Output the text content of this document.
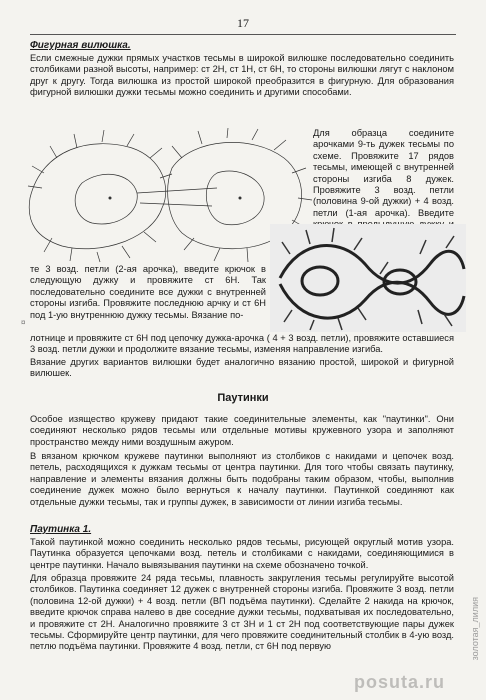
17
Фигурная вилюшка.

Если смежные дужки прямых участков тесьмы в широкой вилюшке последовательно соединить столбиками разной высоты, например: ст 2Н, ст 1Н, ст 6Н, то стороны вилюшки лягут с наклоном друг к другу. Тогда вилюшка из простой широкой преобразится в фигурную. Для образования фигурной вилюшки дужки тесьмы можно соединить и другими способами.

Для образца соедините арочками 9-ть дужек тесьмы по схеме. Провяжите 17 рядов тесьмы, имеющей с внутренней стороны изгиба 8 дужек. Провяжите 3 возд. петли (половина 9-ой дужки) + 4 возд. петли (1-ая арочка). Введите

те 3 возд. петли (2-ая арочка), введите крючок в следующую дужку и провяжите ст 6Н. Так последовательно соедините все дужки с внутренней стороны изгиба. Провяжите последнюю арчку и ст 6Н под 1-ую внутреннюю дужку тесьмы. Вязание по-

¤

лотнице и провяжите ст 6Н под цепочку дужка-арочка ( 4 + 3 возд. петли), провяжите оставшиеся 3 возд. петли дужки и продолжите вязание тесьмы, изменяя направление изгиба.

Вязание других вариантов вилюшки будет аналогично вязанию простой, широкой и фигурной вилюшек.

Паутинки

Особое изящество кружеву придают такие соединительные элементы, как "паутинки". Они соединяют несколько рядов тесьмы или отдельные мотивы кружевного узора и заполняют пространство между ними воздушным ажуром.

В вязаном крючком кружеве паутинки выполняют из столбиков с накидами и цепочек возд. петель, расходящихся к дужкам тесьмы от центра паутинки. Для того чтобы связать паутинку, направление и элементы вязания должны быть подобраны таким образом, чтобы, выполнив соединение дужек можно было вернуться к началу паутинки. Паутинкой соединяют как отдельные дужки тесьмы, так и группы дужек, в зависимости от линии изгиба тесьмы.

Паутинка 1.

Такой паутинкой можно соединить несколько рядов тесьмы, рисующей округлый мотив узора. Паутинка образуется цепочками возд. петель и столбиками с накидами, соединяющимися в центре паутинки. Начало вывязывания паутинки на схеме обозначено точкой.

Для образца провяжите 24 ряда тесьмы, плавность закругления тесьмы регулируйте высотой столбиков. Паутинка соединяет 12 дужек с внутренней стороны изгиба. Провяжите 3 возд. петли (половина 12-ой дужки) + 4 возд. петли (ВП подъёма паутинки). Сделайте 2 накида на крючок, введите крючок справа налево в две соседние дужки тесьмы, подхватывая их последовательно, и провяжите ст 2Н. Аналогично провяжите 3 ст 3Н и 1 ст 2Н под соответствующие пары дужек тесьмы. Сформируйте центр паутинки, для чего провяжите соединительный столбик в 4-ую возд. петлю подъёма паутинки. Провяжите 4 возд. петли, ст 6Н под первую	золотая_лилия
posuta.ru
